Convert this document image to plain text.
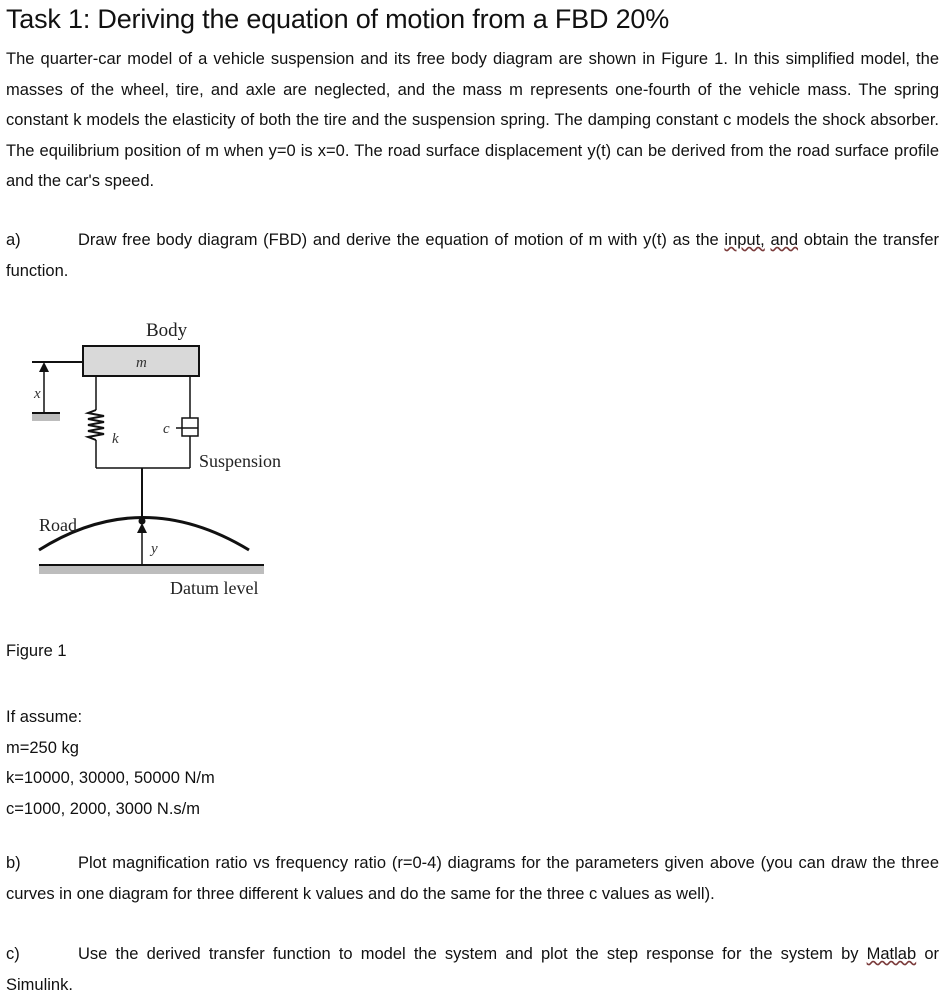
Task 1: Deriving the equation of motion from a FBD 20%

The quarter-car model of a vehicle suspension and its free body diagram are shown in Figure 1. In this simplified model, the masses of the wheel, tire, and axle are neglected, and the mass m represents one-fourth of the vehicle mass. The spring constant k models the elasticity of both the tire and the suspension spring. The damping constant c models the shock absorber. The equilibrium position of m when y=0 is x=0. The road surface displacement y(t) can be derived from the road surface profile and the car's speed.

a)	Draw free body diagram (FBD) and derive the equation of motion of m with y(t) as the input, and obtain the transfer function.

Body
m
x
k
c
Suspension
Road
y
Datum level
Figure 1
If assume:
m=250 kg
k=10000, 30000, 50000 N/m
c=1000, 2000, 3000 N.s/m
b)	Plot magnification ratio vs frequency ratio (r=0-4) diagrams for the parameters given above (you can draw the three curves in one diagram for three different k values and do the same for the three c values as well).
c)	Use the derived transfer function to model the system and plot the step response for the system by Matlab or Simulink.
